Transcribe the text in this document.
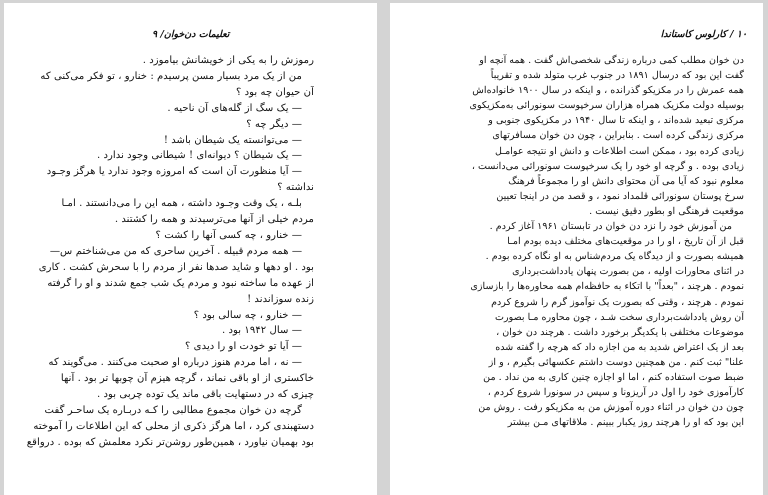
تعلیمات دن‌خوان/ ۹
رموزش را به یکی از خویشانش بیاموزد .
من از یک مرد بسیار مسن پرسیدم : خنارو ، تو فکر می‌کنی که
آن حیوان چه بود ؟
— یک سگ از گله‌های آن ناحیه .
— دیگر چه ؟
— می‌توانسته یک شیطان باشد !
— یک شیطان ؟ دیوانه‌ای ! شیطانی وجود ندارد .
— آیا منظورت آن است که امروزه وجود ندارد یا هرگز وجـود
نداشته ؟
بلـه ، یک وقت وجـود داشته ، همه این را می‌دانستند . امـا
مردم خیلی از آنها می‌ترسیدند و همه را کشتند .
— خنارو ، چه کسی آنها را کشت ؟
— همه مردم قبیله . آخرین ساحری که من می‌شناختم س—
بود . او دهها و شاید صدها نفر از مردم را با سحرش کشت . کاری
از عهده‌ ما ساخته نبود و مردم یک شب جمع شدند و او را گرفته
زنده سوزاندند !
— خنارو ، چه سالی بود ؟
— سال ۱۹۴۲ بود .
— آیا تو خودت او را دیدی ؟
— نه ، اما مردم هنوز درباره او صحبت می‌کنند . می‌گویند که
خاکستری از او باقی نماند ، گرچه هیزم آن چوبها تر بود . آنها
چیزی که در دستهایت باقی ماند یک توده چربی بود .
گرچه دن خوان مجموع مطالبی را کـه دربـاره یک ساحـر گفت
دستهبندی کرد ، اما هرگز ذکری از محلی که این اطلاعات را آموخته
بود بهمیان نیاورد ، همین‌طور روشن‌تر نکرد معلمش که بوده . درواقع
۱۰ / کارلوس کاستاندا
دن خوان مطلب کمی درباره زندگی شخصی‌اش گفت . همه آنچه او
گفت این بود که درسال ۱۸۹۱ در جنوب غرب متولد شده و تقریباً
همه عمرش را در مکزیکو گذرانده ، و اینکه در سال ۱۹۰۰ خانواده‌اش
بوسیله دولت مکزیک همراه هزاران سرخپوست سونورائی به‌مکزیکوی
مرکزی تبعید شده‌اند ، و اینکه تا سال ۱۹۴۰ در مکزیکوی جنوبی و
مرکزی زندگی کرده است . بنابراین ، چون دن خوان مسافرتهای
زیادی کرده بود ، ممکن است اطلاعات و دانش او نتیجه عوامـل
زیادی بوده . و گرچه او خود را یک سرخپوست سونورائی می‌دانست ،
معلوم نبود که آیا می‌ آن محتوای دانش او را مجموعاً فرهنگ
سرخ پوستان سونورائی قلمداد نمود ، و قصد من در اینجا تعیین
موقعیت فرهنگی او بطور دقیق نیست .
من آموزش خود را نزد دن خوان در تابستان ۱۹۶۱ آغاز کردم .
قبل از آن تاریخ ، او را در موقعیت‌های مختلف دیده بودم امـا
همیشه بصورت و از دیدگاه یک مردم‌شناس به او نگاه کرده بودم .
در اثنای محاورات اولیه ، من بصورت پنهان یادداشت‌برداری
نمودم . هرچند ، "بعداً" با اتکاء به حافظه‌ام همه محاوره‌ها را بازسازی
نمودم . هرچند ، وقتی که بصورت یک نوآموز گرم را شروع کردم
آن روش یادداشت‌برداری سخت شـد ، چون محاوره مـا بصورت
موضوعات مختلفی با یکدیگر برخورد داشت . هرچند دن خوان ،
بعد از یک اعتراض شدید به من اجازه داد که هرچه را گفته شده
علنا" ثبت کنم . من همچنین دوست داشتم عکسهائی بگیرم ، و از
ضبط صوت استفاده کنم ، اما او اجازه چنین کاری به من نداد . من
کارآموزی خود را اول در آریزونا و سپس در سونورا شروع کردم ،
چون دن خوان در اثنا‌ء دوره آموزش من به مکزیکو رفت . روش من
این بود که او را هرچند روز یکبار ببینم . ملاقاتهای مـن بیشتر
